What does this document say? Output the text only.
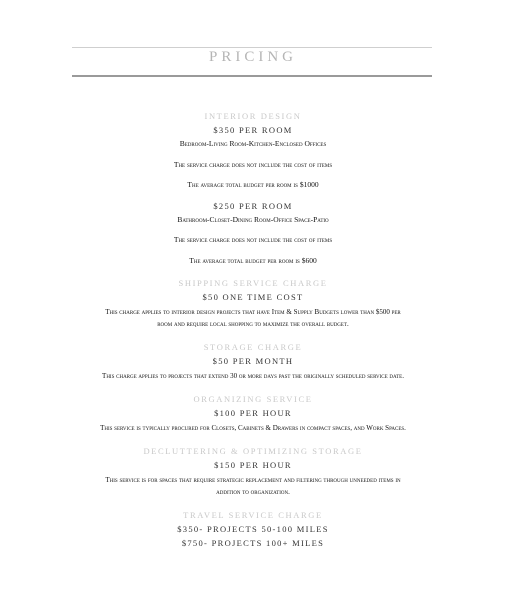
PRICING
INTERIOR DESIGN
$350 PER ROOM
Bedroom-Living Room-Kitchen-Enclosed Offices
The service charge does not include the cost of items
The average total budget per room is $1000
$250 PER ROOM
Bathroom-Closet-Dining Room-Office Space-Patio
The service charge does not include the cost of items
The average total budget per room is $600
SHIPPING SERVICE CHARGE
$50 ONE TIME COST
This charge applies to interior design projects that have Item & Supply Budgets lower than $500 per
room and require local shopping to maximize the overall budget.
STORAGE CHARGE
$50 PER MONTH
This charge applies to projects that extend 30 or more days past the originally scheduled service date.
ORGANIZING SERVICE
$100 PER HOUR
This service is typically procured for Closets, Cabinets & Drawers in compact spaces, and Work Spaces.
DECLUTTERING & OPTIMIZING STORAGE
$150 PER HOUR
This service is for spaces that require strategic replacement and filtering through unneeded items in
addition to organization.
TRAVEL SERVICE CHARGE
$350- PROJECTS 50-100 MILES
$750- PROJECTS 100+ MILES
